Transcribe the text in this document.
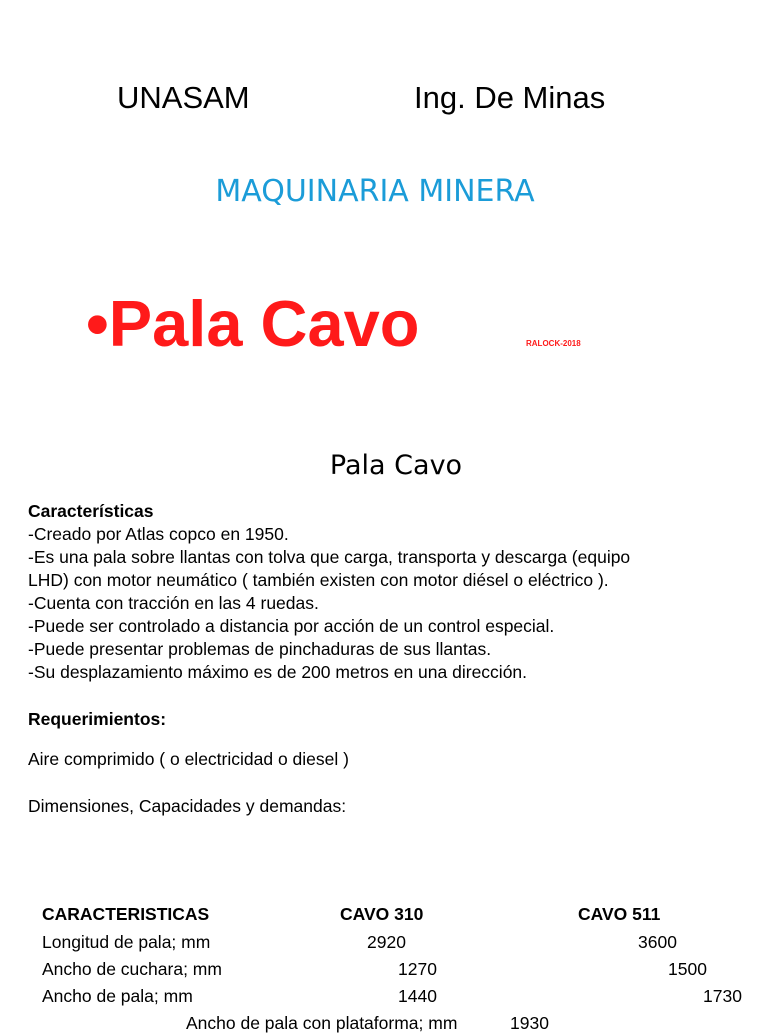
UNASAM	Ing. De Minas
MAQUINARIA MINERA
•Pala Cavo	RALOCK-2018
Pala Cavo
Características
-Creado por Atlas copco en 1950.
-Es una pala sobre llantas con tolva que carga, transporta y descarga (equipo
LHD) con motor neumático ( también existen con motor diésel o eléctrico ).
-Cuenta con tracción en las 4 ruedas.
-Puede ser controlado a distancia por acción de un control especial.
-Puede presentar problemas de pinchaduras de sus llantas.
-Su desplazamiento máximo es de 200 metros en una dirección.
Requerimientos:
Aire comprimido ( o electricidad o diesel )
Dimensiones, Capacidades y demandas:
CARACTERISTICAS	CAVO 310	CAVO 511
Longitud de pala; mm	2920	3600
Ancho de cuchara; mm	1270	1500
Ancho de pala; mm	1440	1730
Ancho de pala con plataforma; mm	1930
